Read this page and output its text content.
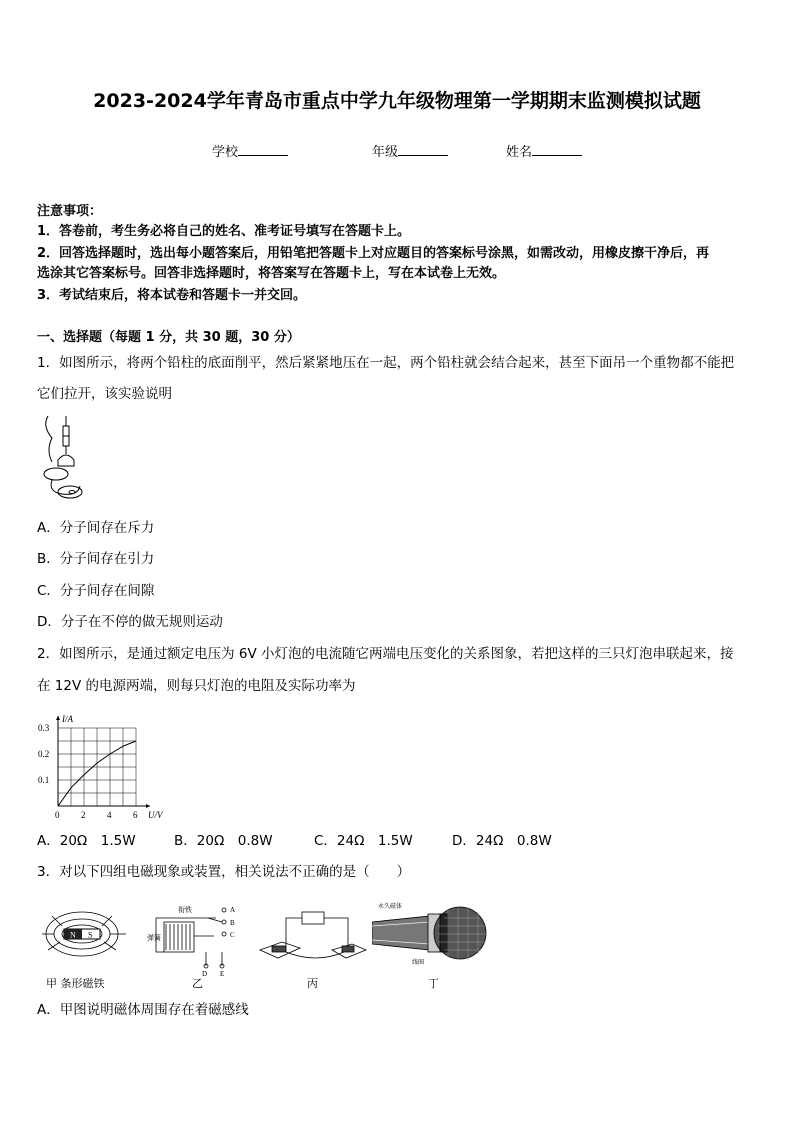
2023-2024学年青岛市重点中学九年级物理第一学期期末监测模拟试题
学校	年级	姓名
注意事项：
1．答卷前，考生务必将自己的姓名、准考证号填写在答题卡上。
2．回答选择题时，选出每小题答案后，用铅笔把答题卡上对应题目的答案标号涂黑，如需改动，用橡皮擦干净后，再
选涂其它答案标号。回答非选择题时，将答案写在答题卡上，写在本试卷上无效。
3．考试结束后，将本试卷和答题卡一并交回。
一、选择题（每题 1 分，共 30 题，30 分）
1．如图所示，将两个铅柱的底面削平，然后紧紧地压在一起，两个铅柱就会结合起来，甚至下面吊一个重物都不能把
它们拉开，该实验说明
A．分子间存在斥力
B．分子间存在引力
C．分子间存在间隙
D．分子在不停的做无规则运动
2．如图所示，是通过额定电压为 6V 小灯泡的电流随它两端电压变化的关系图象，若把这样的三只灯泡串联起来，接
在 12V 的电源两端，则每只灯泡的电阻及实际功率为
0 2 4 6
0.1
0.2
0.3
I/A
U/V
A．20Ω　1.5W	B．20Ω　0.8W	C．24Ω　1.5W	D．24Ω　0.8W
3．对以下四组电磁现象或装置，相关说法不正确的是（　　）
N S
衔铁
弹簧
A
B
C
D E
永久磁体
线圈
甲 条形磁铁	乙	丙	丁
A．甲图说明磁体周围存在着磁感线
